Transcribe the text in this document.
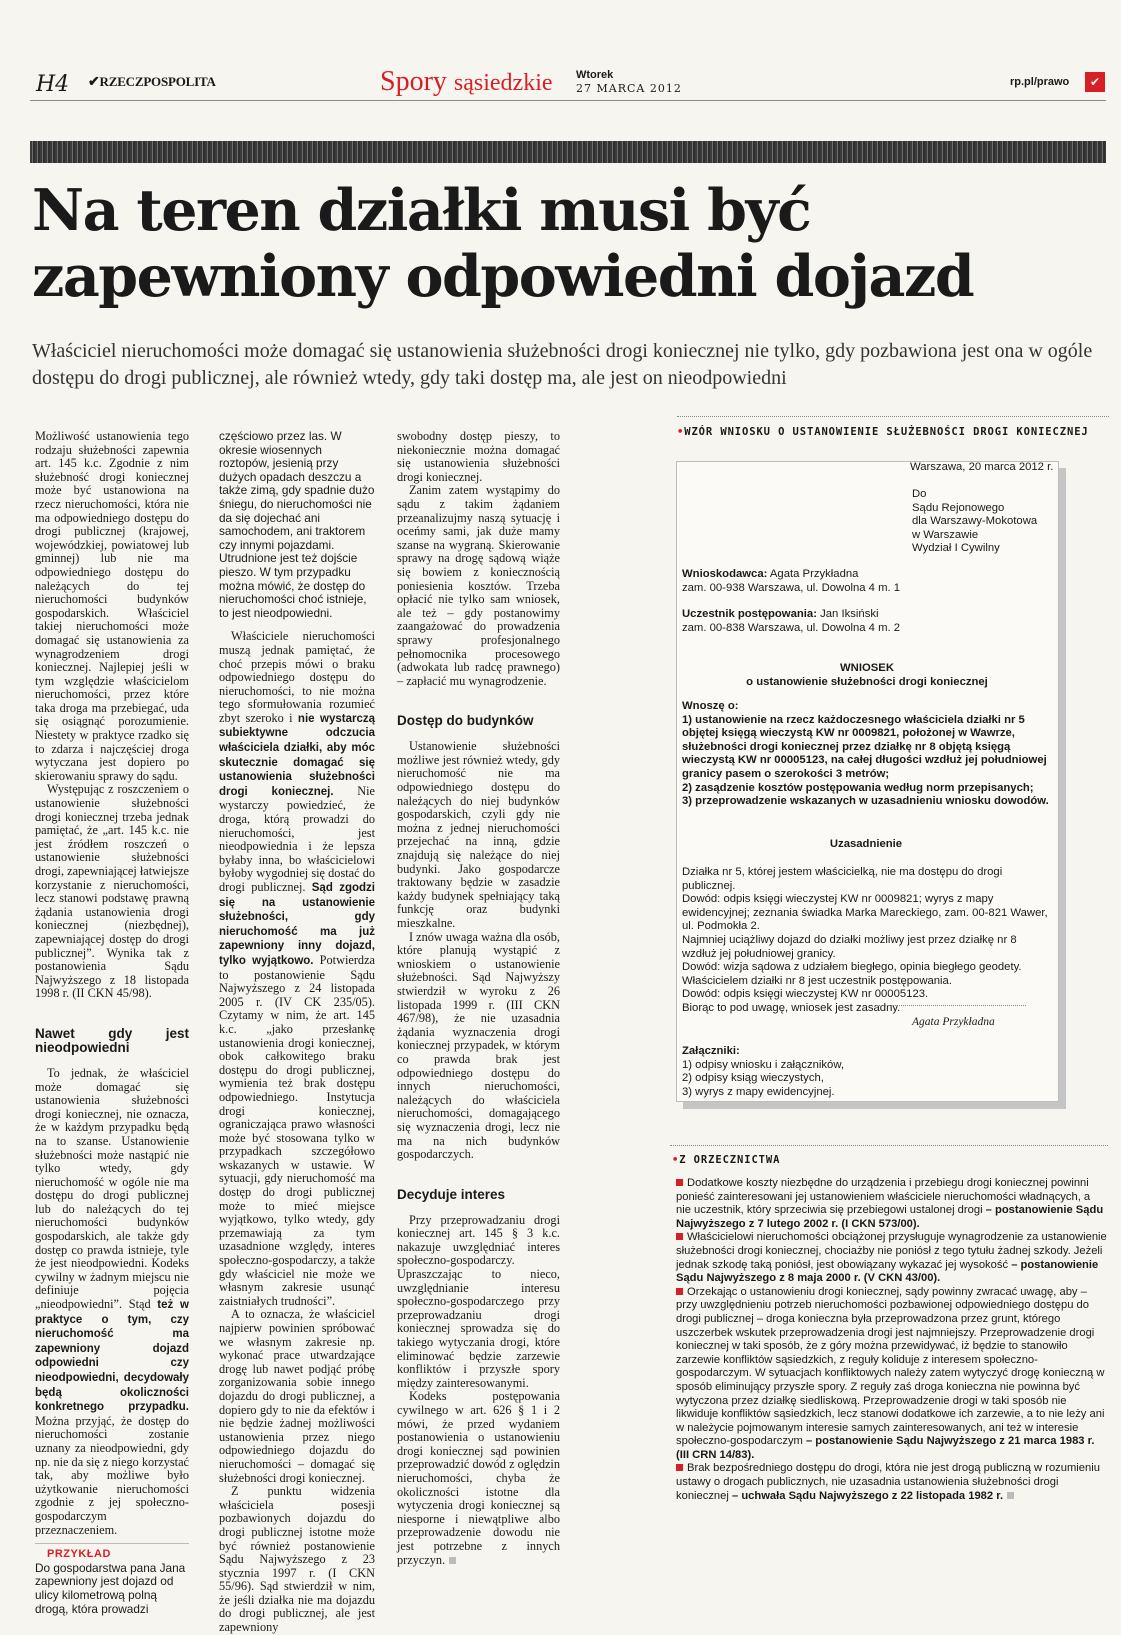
H4 ✔RZECZPOSPOLITA	Spory sąsiedzkie Wtorek
27 MARCA 2012	rp.pl/prawo	✔
Na teren działki musi być zapewniony odpowiedni dojazd

Właściciel nieruchomości może domagać się ustanowienia służebności drogi koniecznej nie tylko, gdy pozbawiona jest ona w ogóle dostępu do drogi publicznej, ale również wtedy, gdy taki dostęp ma, ale jest on nieodpowiedni

Możliwość ustanowienia tego rodzaju służebności zapewnia art. 145 k.c. Zgodnie z nim służebność drogi koniecznej może być ustanowiona na rzecz nieruchomości, która nie ma odpowiedniego dostępu do drogi publicznej (krajowej, wojewódzkiej, powiatowej lub gminnej) lub nie ma odpowiedniego dostępu do należących do tej nieruchomości budynków gospodarskich. Właściciel takiej nieruchomości może domagać się ustanowienia za wynagrodzeniem drogi koniecznej. Najlepiej jeśli w tym względzie właścicielom nieruchomości, przez które taka droga ma przebiegać, uda się osiągnąć porozumienie. Niestety w praktyce rzadko się to zdarza i najczęściej droga wytyczana jest dopiero po skierowaniu sprawy do sądu.

Występując z roszczeniem o ustanowienie służebności drogi koniecznej trzeba jednak pamiętać, że „art. 145 k.c. nie jest źródłem roszczeń o ustanowienie służebności drogi, zapewniającej łatwiejsze korzystanie z nieruchomości, lecz stanowi podstawę prawną żądania ustanowienia drogi koniecznej (niezbędnej), zapewniającej dostęp do drogi publicznej”. Wynika tak z postanowienia Sądu Najwyższego z 18 listopada 1998 r. (II CKN 45/98).

Nawet gdy jest nieodpowiedni

To jednak, że właściciel może domagać się ustanowienia służebności drogi koniecznej, nie oznacza, że w każdym przypadku będą na to szanse. Ustanowienie służebności może nastąpić nie tylko wtedy, gdy nieruchomość w ogóle nie ma dostępu do drogi publicznej lub do należących do tej nieruchomości budynków gospodarskich, ale także gdy dostęp co prawda istnieje, tyle że jest nieodpowiedni. Kodeks cywilny w żadnym miejscu nie definiuje pojęcia „nieodpowiedni”. Stąd też w praktyce o tym, czy nieruchomość ma zapewniony dojazd odpowiedni czy nieodpowiedni, decydowały będą okoliczności konkretnego przypadku. Można przyjąć, że dostęp do nieruchomości zostanie uznany za nieodpowiedni, gdy np. nie da się z niego korzystać tak, aby możliwe było użytkowanie nieruchomości zgodnie z jej społeczno-gospodarczym przeznaczeniem.

PRZYKŁAD

Do gospodarstwa pana Jana zapewniony jest dojazd od ulicy kilometrową polną drogą, która prowadzi

częściowo przez las. W okresie wiosennych roztopów, jesienią przy dużych opadach deszczu a także zimą, gdy spadnie dużo śniegu, do nieruchomości nie da się dojechać ani samochodem, ani traktorem czy innymi pojazdami. Utrudnione jest też dojście pieszo. W tym przypadku można mówić, że dostęp do nieruchomości choć istnieje, to jest nieodpowiedni.

Właściciele nieruchomości muszą jednak pamiętać, że choć przepis mówi o braku odpowiedniego dostępu do nieruchomości, to nie można tego sformułowania rozumieć zbyt szeroko i nie wystarczą subiektywne odczucia właściciela działki, aby móc skutecznie domagać się ustanowienia służebności drogi koniecznej. Nie wystarczy powiedzieć, że droga, którą prowadzi do nieruchomości, jest nieodpowiednia i że lepsza byłaby inna, bo właścicielowi byłoby wygodniej się dostać do drogi publicznej. Sąd zgodzi się na ustanowienie służebności, gdy nieruchomość ma już zapewniony inny dojazd, tylko wyjątkowo. Potwierdza to postanowienie Sądu Najwyższego z 24 listopada 2005 r. (IV CK 235/05). Czytamy w nim, że art. 145 k.c. „jako przesłankę ustanowienia drogi koniecznej, obok całkowitego braku dostępu do drogi publicznej, wymienia też brak dostępu odpowiedniego. Instytucja drogi koniecznej, ograniczająca prawo własności może być stosowana tylko w przypadkach szczegółowo wskazanych w ustawie. W sytuacji, gdy nieruchomość ma dostęp do drogi publicznej może to mieć miejsce wyjątkowo, tylko wtedy, gdy przemawiają za tym uzasadnione względy, interes społeczno-gospodarczy, a także gdy właściciel nie może we własnym zakresie usunąć zaistniałych trudności”.

A to oznacza, że właściciel najpierw powinien spróbować we własnym zakresie np. wykonać prace utwardzające drogę lub nawet podjąć próbę zorganizowania sobie innego dojazdu do drogi publicznej, a dopiero gdy to nie da efektów i nie będzie żadnej możliwości ustanowienia przez niego odpowiedniego dojazdu do nieruchomości – domagać się służebności drogi koniecznej.

Z punktu widzenia właściciela posesji pozbawionych dojazdu do drogi publicznej istotne może być również postanowienie Sądu Najwyższego z 23 stycznia 1997 r. (I CKN 55/96). Sąd stwierdził w nim, że jeśli działka nie ma dojazdu do drogi publicznej, ale jest zapewniony

swobodny dostęp pieszy, to niekoniecznie można domagać się ustanowienia służebności drogi koniecznej.

Zanim zatem wystąpimy do sądu z takim żądaniem przeanalizujmy naszą sytuację i oceńmy sami, jak duże mamy szanse na wygraną. Skierowanie sprawy na drogę sądową wiąże się bowiem z koniecznością poniesienia kosztów. Trzeba opłacić nie tylko sam wniosek, ale też – gdy postanowimy zaangażować do prowadzenia sprawy profesjonalnego pełnomocnika procesowego (adwokata lub radcę prawnego) – zapłacić mu wynagrodzenie.

Dostęp do budynków

Ustanowienie służebności możliwe jest również wtedy, gdy nieruchomość nie ma odpowiedniego dostępu do należących do niej budynków gospodarskich, czyli gdy nie można z jednej nieruchomości przejechać na inną, gdzie znajdują się należące do niej budynki. Jako gospodarcze traktowany będzie w zasadzie każdy budynek spełniający taką funkcję oraz budynki mieszkalne.

I znów uwaga ważna dla osób, które planują wystąpić z wnioskiem o ustanowienie służebności. Sąd Najwyższy stwierdził w wyroku z 26 listopada 1999 r. (III CKN 467/98), że nie uzasadnia żądania wyznaczenia drogi koniecznej przypadek, w którym co prawda brak jest odpowiedniego dostępu do innych nieruchomości, należących do właściciela nieruchomości, domagającego się wyznaczenia drogi, lecz nie ma na nich budynków gospodarczych.

Decyduje interes

Przy przeprowadzaniu drogi koniecznej art. 145 § 3 k.c. nakazuje uwzględniać interes społeczno-gospodarczy. Upraszczając to nieco, uwzględnianie interesu społeczno-gospodarczego przy przeprowadzaniu drogi koniecznej sprowadza się do takiego wytyczania drogi, które eliminować będzie zarzewie konfliktów i przyszłe spory między zainteresowanymi.

Kodeks postępowania cywilnego w art. 626 § 1 i 2 mówi, że przed wydaniem postanowienia o ustanowieniu drogi koniecznej sąd powinien przeprowadzić dowód z oględzin nieruchomości, chyba że okoliczności istotne dla wytyczenia drogi koniecznej są niesporne i niewątpliwe albo przeprowadzenie dowodu nie jest potrzebne z innych przyczyn.

•WZÓR WNIOSKU O USTANOWIENIE SŁUŻEBNOŚCI DROGI KONIECZNEJ

Warszawa, 20 marca 2012 r.

Do

Sądu Rejonowego

dla Warszawy-Mokotowa

w Warszawie

Wydział I Cywilny

Wnioskodawca: Agata Przykładna

zam. 00-938 Warszawa, ul. Dowolna 4 m. 1

Uczestnik postępowania: Jan Iksiński

zam. 00-838 Warszawa, ul. Dowolna 4 m. 2

WNIOSEK

o ustanowienie służebności drogi koniecznej

Wnoszę o:

1) ustanowienie na rzecz każdoczesnego właściciela działki nr 5 objętej księgą wieczystą KW nr 0009821, położonej w Wawrze, służebności drogi koniecznej przez działkę nr 8 objętą księgą wieczystą KW nr 00005123, na całej długości wzdłuż jej południowej granicy pasem o szerokości 3 metrów;

2) zasądzenie kosztów postępowania według norm przepisanych;

3) przeprowadzenie wskazanych w uzasadnieniu wniosku dowodów.

Uzasadnienie

Działka nr 5, której jestem właścicielką, nie ma dostępu do drogi publicznej.

Dowód: odpis księgi wieczystej KW nr 0009821; wyrys z mapy ewidencyjnej; zeznania świadka Marka Mareckiego, zam. 00-821 Wawer, ul. Podmokła 2.

Najmniej uciążliwy dojazd do działki możliwy jest przez działkę nr 8 wzdłuż jej południowej granicy.

Dowód: wizja sądowa z udziałem biegłego, opinia biegłego geodety.

Właścicielem działki nr 8 jest uczestnik postępowania.

Dowód: odpis księgi wieczystej KW nr 00005123.

Biorąc to pod uwagę, wniosek jest zasadny.

Agata Przykładna

Załączniki:

1) odpisy wniosku i załączników,

2) odpisy ksiąg wieczystych,

3) wyrys z mapy ewidencyjnej.

•Z ORZECZNICTWA

Dodatkowe koszty niezbędne do urządzenia i przebiegu drogi koniecznej powinni ponieść zainteresowani jej ustanowieniem właściciele nieruchomości władnących, a nie uczestnik, który sprzeciwia się przebiegowi ustalonej drogi – postanowienie Sądu Najwyższego z 7 lutego 2002 r. (I CKN 573/00).

Właścicielowi nieruchomości obciążonej przysługuje wynagrodzenie za ustanowienie służebności drogi koniecznej, chociażby nie poniósł z tego tytułu żadnej szkody. Jeżeli jednak szkodę taką poniósł, jest obowiązany wykazać jej wysokość – postanowienie Sądu Najwyższego z 8 maja 2000 r. (V CKN 43/00).

Orzekając o ustanowieniu drogi koniecznej, sądy powinny zwracać uwagę, aby – przy uwzględnieniu potrzeb nieruchomości pozbawionej odpowiedniego dostępu do drogi publicznej – droga konieczna była przeprowadzona przez grunt, którego uszczerbek wskutek przeprowadzenia drogi jest najmniejszy. Przeprowadzenie drogi koniecznej w taki sposób, że z góry można przewidywać, iż będzie to stanowiło zarzewie konfliktów sąsiedzkich, z reguły koliduje z interesem społeczno-gospodarczym. W sytuacjach konfliktowych należy zatem wytyczyć drogę konieczną w sposób eliminujący przyszłe spory. Z reguły zaś droga konieczna nie powinna być wytyczona przez działkę siedliskową. Przeprowadzenie drogi w taki sposób nie likwiduje konfliktów sąsiedzkich, lecz stanowi dodatkowe ich zarzewie, a to nie leży ani w należycie pojmowanym interesie samych zainteresowanych, ani też w interesie społeczno-gospodarczym – postanowienie Sądu Najwyższego z 21 marca 1983 r. (III CRN 14/83).

Brak bezpośredniego dostępu do drogi, która nie jest drogą publiczną w rozumieniu ustawy o drogach publicznych, nie uzasadnia ustanowienia służebności drogi koniecznej – uchwała Sądu Najwyższego z 22 listopada 1982 r.
